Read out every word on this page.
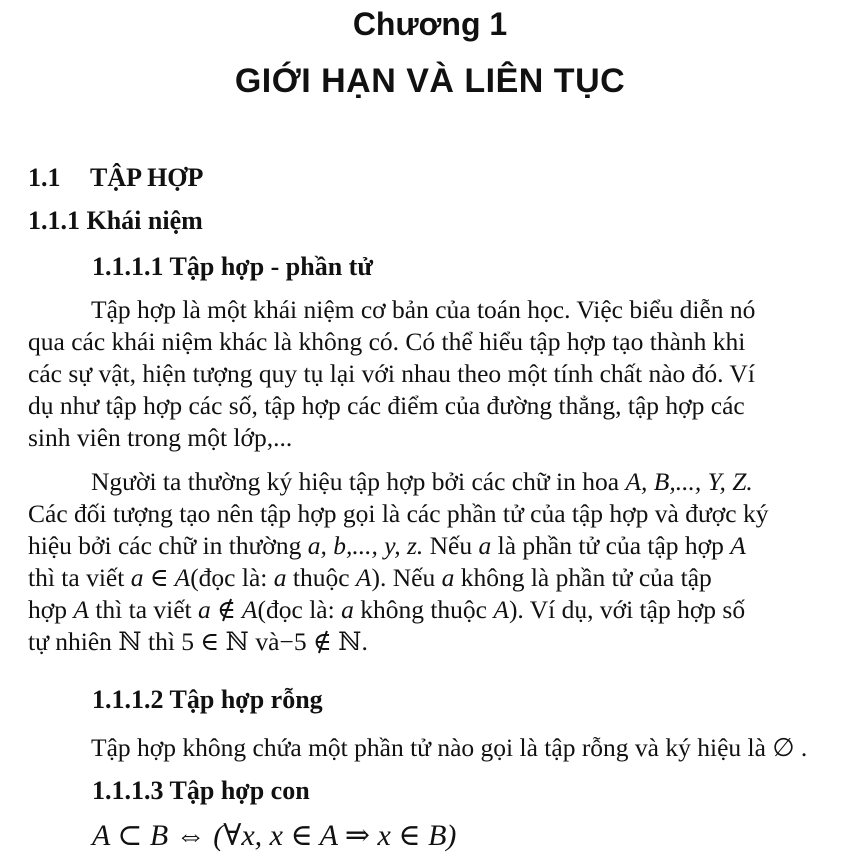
Chương 1
GIỚI HẠN VÀ LIÊN TỤC
1.1 TẬP HỢP
1.1.1 Khái niệm
1.1.1.1 Tập hợp - phần tử
Tập hợp là một khái niệm cơ bản của toán học. Việc biểu diễn nó
qua các khái niệm khác là không có. Có thể hiểu tập hợp tạo thành khi
các sự vật, hiện tượng quy tụ lại với nhau theo một tính chất nào đó. Ví
dụ như tập hợp các số, tập hợp các điểm của đường thẳng, tập hợp các
sinh viên trong một lớp,...
Người ta thường ký hiệu tập hợp bởi các chữ in hoa A, B,..., Y, Z.
Các đối tượng tạo nên tập hợp gọi là các phần tử của tập hợp và được ký
hiệu bởi các chữ in thường a, b,..., y, z. Nếu a là phần tử của tập hợp A
thì ta viết a ∈ A(đọc là: a thuộc A). Nếu a không là phần tử của tập
hợp A thì ta viết a ∉ A(đọc là: a không thuộc A). Ví dụ, với tập hợp số
tự nhiên ℕ thì 5 ∈ ℕ và−5 ∉ ℕ.
1.1.1.2 Tập hợp rỗng
Tập hợp không chứa một phần tử nào gọi là tập rỗng và ký hiệu là ∅ .
1.1.1.3 Tập hợp con
A ⊂ B ⇔ (∀x, x ∈ A ⇒ x ∈ B)
